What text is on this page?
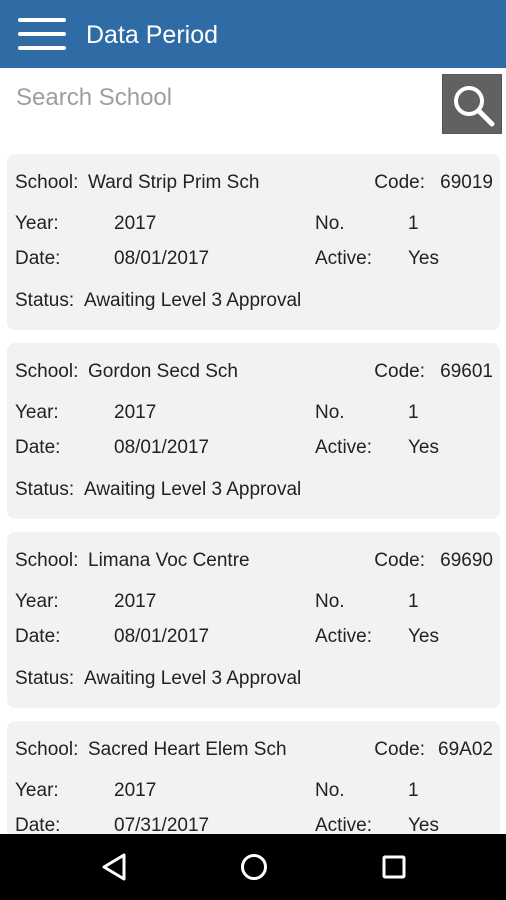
Data Period
Search School
School: Ward Strip Prim Sch	Code: 69019
Year:	2017	No.	1
Date:	08/01/2017	Active: Yes
Status: Awaiting Level 3 Approval
School: Gordon Secd Sch	Code: 69601
Year:	2017	No.	1
Date:	08/01/2017	Active: Yes
Status: Awaiting Level 3 Approval
School: Limana Voc Centre	Code: 69690
Year:	2017	No.	1
Date:	08/01/2017	Active: Yes
Status: Awaiting Level 3 Approval
School: Sacred Heart Elem Sch	Code: 69A02
Year:	2017	No.	1
Date:	07/31/2017	Active: Yes
